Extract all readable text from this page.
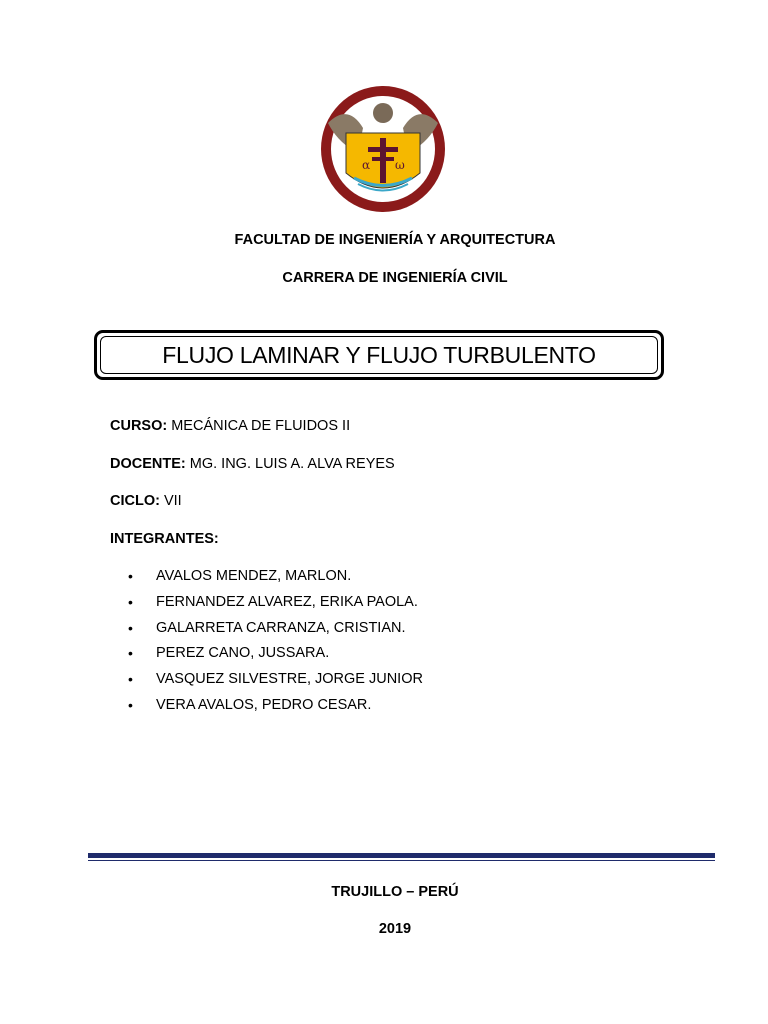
α ω
FACULTAD DE INGENIERÍA Y ARQUITECTURA
CARRERA DE INGENIERÍA CIVIL
FLUJO LAMINAR Y FLUJO TURBULENTO
CURSO: MECÁNICA DE FLUIDOS II
DOCENTE: MG. ING. LUIS A. ALVA REYES
CICLO: VII
INTEGRANTES:
•	AVALOS MENDEZ, MARLON.
•	FERNANDEZ ALVAREZ, ERIKA PAOLA.
•	GALARRETA CARRANZA, CRISTIAN.
•	PEREZ CANO, JUSSARA.
•	VASQUEZ SILVESTRE, JORGE JUNIOR
•	VERA AVALOS, PEDRO CESAR.
TRUJILLO – PERÚ
2019
